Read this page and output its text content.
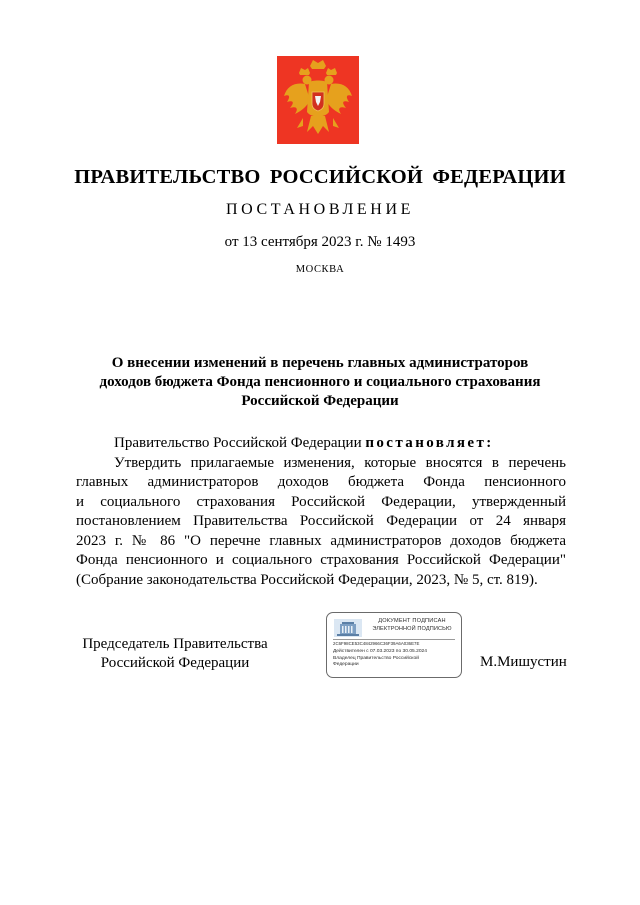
ПРАВИТЕЛЬСТВО РОССИЙСКОЙ ФЕДЕРАЦИИ
ПОСТАНОВЛЕНИЕ
от 13 сентября 2023 г. № 1493
МОСКВА
О внесении изменений в перечень главных администраторов
доходов бюджета Фонда пенсионного и социального страхования
Российской Федерации
Правительство Российской Федерации постановляет:
Утвердить прилагаемые изменения, которые вносятся в перечень
главных администраторов доходов бюджета Фонда пенсионного
и социального страхования Российской Федерации, утвержденный
постановлением Правительства Российской Федерации от 24 января
2023 г. № 86 "О перечне главных администраторов доходов бюджета
Фонда пенсионного и социального страхования Российской Федерации"
(Собрание законодательства Российской Федерации, 2023, № 5, ст. 819).
Председатель Правительства
Российской Федерации
ДОКУМЕНТ ПОДПИСАН
ЭЛЕКТРОННОЙ ПОДПИСЬЮ
2C6F98CE53C4842966C36F39A6A036E7E
Действителен с 07.03.2023 по 30.05.2024
Владелец Правительство Российской Федерации	М.Мишустин
